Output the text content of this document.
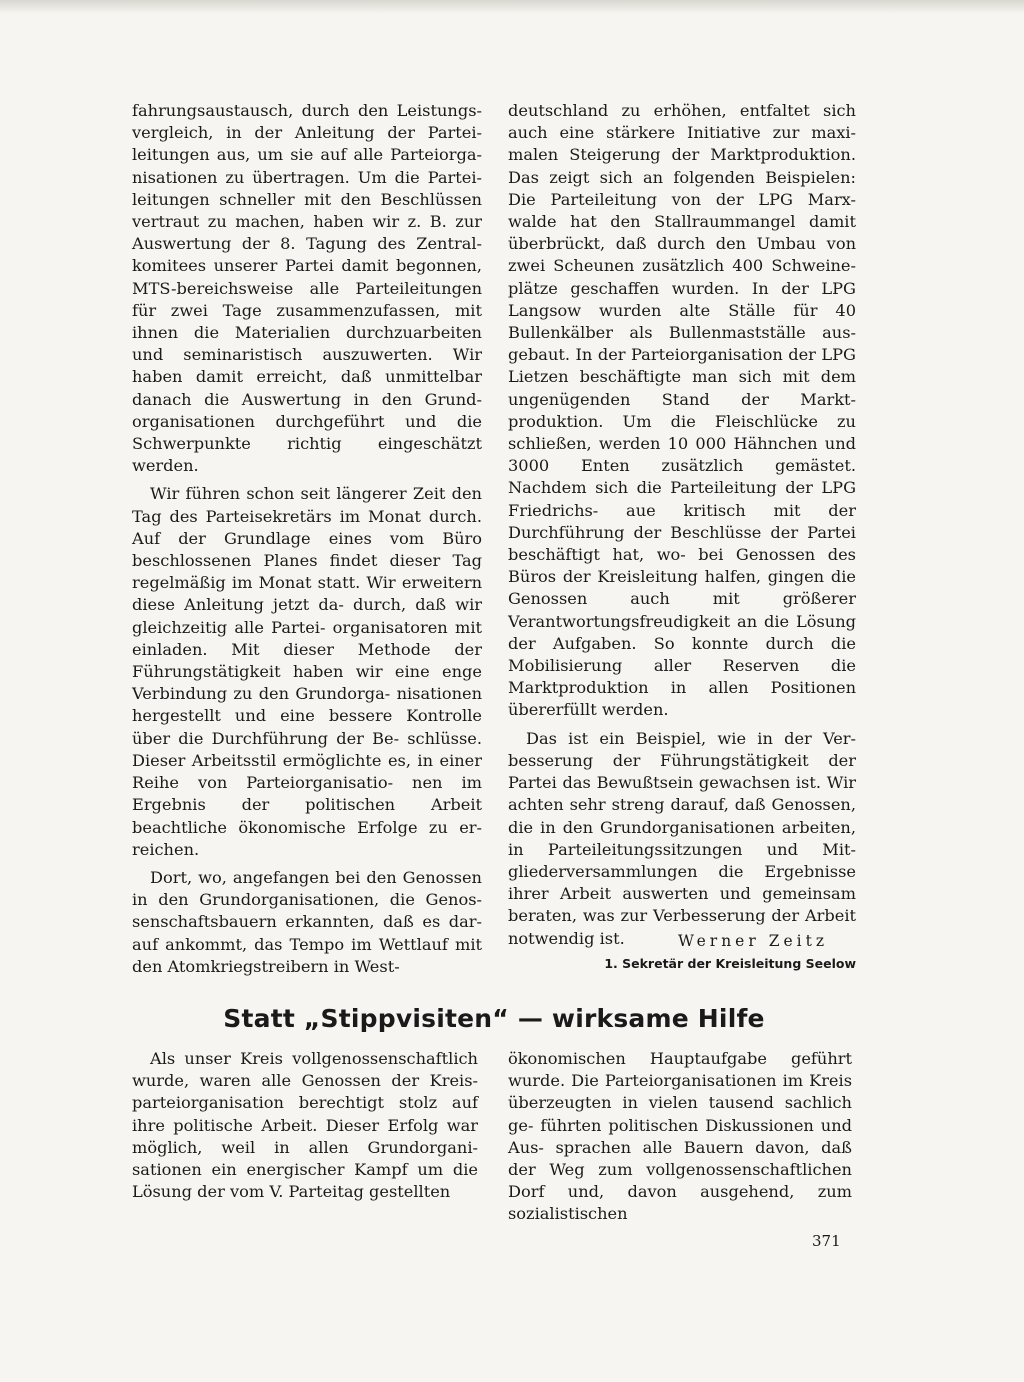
fahrungsaustausch, durch den Leistungs- vergleich, in der Anleitung der Partei- leitungen aus, um sie auf alle Parteiorga- nisationen zu übertragen. Um die Partei- leitungen schneller mit den Beschlüssen vertraut zu machen, haben wir z. B. zur Auswertung der 8. Tagung des Zentral- komitees unserer Partei damit begonnen, MTS-bereichsweise alle Parteileitungen für zwei Tage zusammenzufassen, mit ihnen die Materialien durchzuarbeiten und seminaristisch auszuwerten. Wir haben damit erreicht, daß unmittelbar danach die Auswertung in den Grund- organisationen durchgeführt und die Schwerpunkte richtig eingeschätzt werden.

Wir führen schon seit längerer Zeit den Tag des Parteisekretärs im Monat durch. Auf der Grundlage eines vom Büro beschlossenen Planes findet dieser Tag regelmäßig im Monat statt. Wir erweitern diese Anleitung jetzt da- durch, daß wir gleichzeitig alle Partei- organisatoren mit einladen. Mit dieser Methode der Führungstätigkeit haben wir eine enge Verbindung zu den Grundorga- nisationen hergestellt und eine bessere Kontrolle über die Durchführung der Be- schlüsse. Dieser Arbeitsstil ermöglichte es, in einer Reihe von Parteiorganisatio- nen im Ergebnis der politischen Arbeit beachtliche ökonomische Erfolge zu er- reichen.

Dort, wo, angefangen bei den Genossen in den Grundorganisationen, die Genos- senschaftsbauern erkannten, daß es dar- auf ankommt, das Tempo im Wettlauf mit den Atomkriegstreibern in West-

deutschland zu erhöhen, entfaltet sich auch eine stärkere Initiative zur maxi- malen Steigerung der Marktproduktion. Das zeigt sich an folgenden Beispielen: Die Parteileitung von der LPG Marx- walde hat den Stallraummangel damit überbrückt, daß durch den Umbau von zwei Scheunen zusätzlich 400 Schweine- plätze geschaffen wurden. In der LPG Langsow wurden alte Ställe für 40 Bullenkälber als Bullenmastställe aus- gebaut. In der Parteiorganisation der LPG Lietzen beschäftigte man sich mit dem ungenügenden Stand der Markt- produktion. Um die Fleischlücke zu schließen, werden 10 000 Hähnchen und 3000 Enten zusätzlich gemästet. Nachdem sich die Parteileitung der LPG Friedrichs- aue kritisch mit der Durchführung der Beschlüsse der Partei beschäftigt hat, wo- bei Genossen des Büros der Kreisleitung halfen, gingen die Genossen auch mit größerer Verantwortungsfreudigkeit an die Lösung der Aufgaben. So konnte durch die Mobilisierung aller Reserven die Marktproduktion in allen Positionen übererfüllt werden.

Das ist ein Beispiel, wie in der Ver- besserung der Führungstätigkeit der Partei das Bewußtsein gewachsen ist. Wir achten sehr streng darauf, daß Genossen, die in den Grundorganisationen arbeiten, in Parteileitungssitzungen und Mit- gliederversammlungen die Ergebnisse ihrer Arbeit auswerten und gemeinsam beraten, was zur Verbesserung der Arbeit notwendig ist.	Werner Zeitz
1. Sekretär der Kreisleitung Seelow
Statt „Stippvisiten“ — wirksame Hilfe

Als unser Kreis vollgenossenschaftlich wurde, waren alle Genossen der Kreis- parteiorganisation berechtigt stolz auf ihre politische Arbeit. Dieser Erfolg war möglich, weil in allen Grundorgani- sationen ein energischer Kampf um die Lösung der vom V. Parteitag gestellten

ökonomischen Hauptaufgabe geführt wurde. Die Parteiorganisationen im Kreis überzeugten in vielen tausend sachlich ge- führten politischen Diskussionen und Aus- sprachen alle Bauern davon, daß der Weg zum vollgenossenschaftlichen Dorf und, davon ausgehend, zum sozialistischen

371
